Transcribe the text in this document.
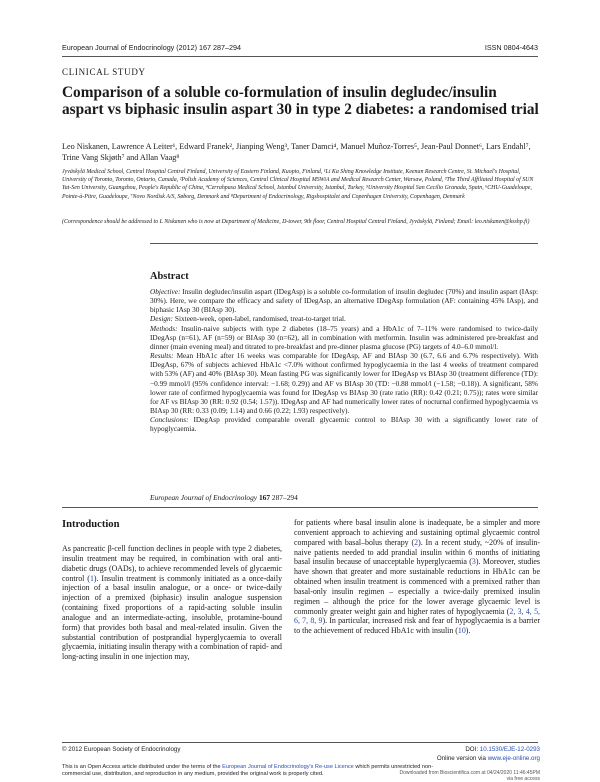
European Journal of Endocrinology (2012) 167 287–294	ISSN 0804-4643
CLINICAL STUDY
Comparison of a soluble co-formulation of insulin degludec/insulin aspart vs biphasic insulin aspart 30 in type 2 diabetes: a randomised trial
Leo Niskanen, Lawrence A Leiter¹, Edward Franek², Jianping Weng³, Taner Damci⁴, Manuel Muñoz-Torres⁵, Jean-Paul Donnet⁶, Lars Endahl⁷, Trine Vang Skjøth⁷ and Allan Vaag⁸
Jyväskylä Medical School, Central Hospital Central Finland, University of Eastern Finland, Kuopio, Finland, ¹Li Ka Shing Knowledge Institute, Keenan Research Centre, St. Michael's Hospital, University of Toronto, Toronto, Ontario, Canada, ²Polish Academy of Sciences, Central Clinical Hospital MSWiA and Medical Research Center, Warsaw, Poland, ³The Third Affiliated Hospital of SUN Yat-Sen University, Guangzhou, People's Republic of China, ⁴Cerrahpasa Medical School, Istanbul University, Istanbul, Turkey, ⁵University Hospital San Cecilio Granada, Spain, ⁶CHU-Guadeloupe, Pointe-à-Pitre, Guadeloupe, ⁷Novo Nordisk A/S, Søborg, Denmark and ⁸Department of Endocrinology, Rigshospitalet and Copenhagen University, Copenhagen, Denmark
(Correspondence should be addressed to L Niskanen who is now at Department of Medicine, D-tower, 9th floor, Central Hospital Central Finland, Jyväskylä, Finland; Email: leo.niskanen@ksshp.fi)
Abstract

Objective: Insulin degludec/insulin aspart (IDegAsp) is a soluble co-formulation of insulin degludec (70%) and insulin aspart (IAsp: 30%). Here, we compare the efficacy and safety of IDegAsp, an alternative IDegAsp formulation (AF: containing 45% IAsp), and biphasic IAsp 30 (BIAsp 30).

Design: Sixteen-week, open-label, randomised, treat-to-target trial.

Methods: Insulin-naive subjects with type 2 diabetes (18–75 years) and a HbA1c of 7–11% were randomised to twice-daily IDegAsp (n=61), AF (n=59) or BIAsp 30 (n=62), all in combination with metformin. Insulin was administered pre-breakfast and dinner (main evening meal) and titrated to pre-breakfast and pre-dinner plasma glucose (PG) targets of 4.0–6.0 mmol/l.

Results: Mean HbA1c after 16 weeks was comparable for IDegAsp, AF and BIAsp 30 (6.7, 6.6 and 6.7% respectively). With IDegAsp, 67% of subjects achieved HbA1c <7.0% without confirmed hypoglycaemia in the last 4 weeks of treatment compared with 53% (AF) and 40% (BIAsp 30). Mean fasting PG was significantly lower for IDegAsp vs BIAsp 30 (treatment difference (TD): −0.99 mmol/l (95% confidence interval: −1.68; 0.29)) and AF vs BIAsp 30 (TD: −0.88 mmol/l (−1.58; −0.18)). A significant, 58% lower rate of confirmed hypoglycaemia was found for IDegAsp vs BIAsp 30 (rate ratio (RR): 0.42 (0.21; 0.75)); rates were similar for AF vs BIAsp 30 (RR: 0.92 (0.54; 1.57)). IDegAsp and AF had numerically lower rates of nocturnal confirmed hypoglycaemia vs BIAsp 30 (RR: 0.33 (0.09; 1.14) and 0.66 (0.22; 1.93) respectively).

Conclusions: IDegAsp provided comparable overall glycaemic control to BIAsp 30 with a significantly lower rate of hypoglycaemia.

European Journal of Endocrinology 167 287–294
Introduction
As pancreatic β-cell function declines in people with type 2 diabetes, insulin treatment may be required, in combination with oral anti-diabetic drugs (OADs), to achieve recommended levels of glycaemic control (1). Insulin treatment is commonly initiated as a once-daily injection of a basal insulin analogue, or a once- or twice-daily injection of a premixed (biphasic) insulin analogue suspension (containing fixed proportions of a rapid-acting soluble insulin analogue and an intermediate-acting, insoluble, protamine-bound form) that provides both basal and meal-related insulin. Given the substantial contribution of postprandial hyperglycaemia to overall glycaemia, initiating insulin therapy with a combination of rapid- and long-acting insulin in one injection may,
for patients where basal insulin alone is inadequate, be a simpler and more convenient approach to achieving and sustaining optimal glycaemic control compared with basal–bolus therapy (2). In a recent study, ~20% of insulin-naive patients needed to add prandial insulin within 6 months of initiating basal insulin because of unacceptable hyperglycaemia (3). Moreover, studies have shown that greater and more sustainable reductions in HbA1c can be obtained when insulin treatment is commenced with a premixed rather than basal-only insulin regimen – especially a twice-daily premixed insulin regimen – although the price for the lower average glycaemic level is commonly greater weight gain and higher rates of hypoglycaemia (2, 3, 4, 5, 6, 7, 8, 9). In particular, increased risk and fear of hypoglycaemia is a barrier to the achievement of reduced HbA1c with insulin (10).
© 2012 European Society of Endocrinology	DOI: 10.1530/EJE-12-0293
Online version via www.eje-online.org
This is an Open Access article distributed under the terms of the European Journal of Endocrinology's Re-use Licence which permits unrestricted non-
commercial use, distribution, and reproduction in any medium, provided the original work is properly cited.	Downloaded from Bioscientifica.com at 04/24/2020 11:46:45PM
via free access
